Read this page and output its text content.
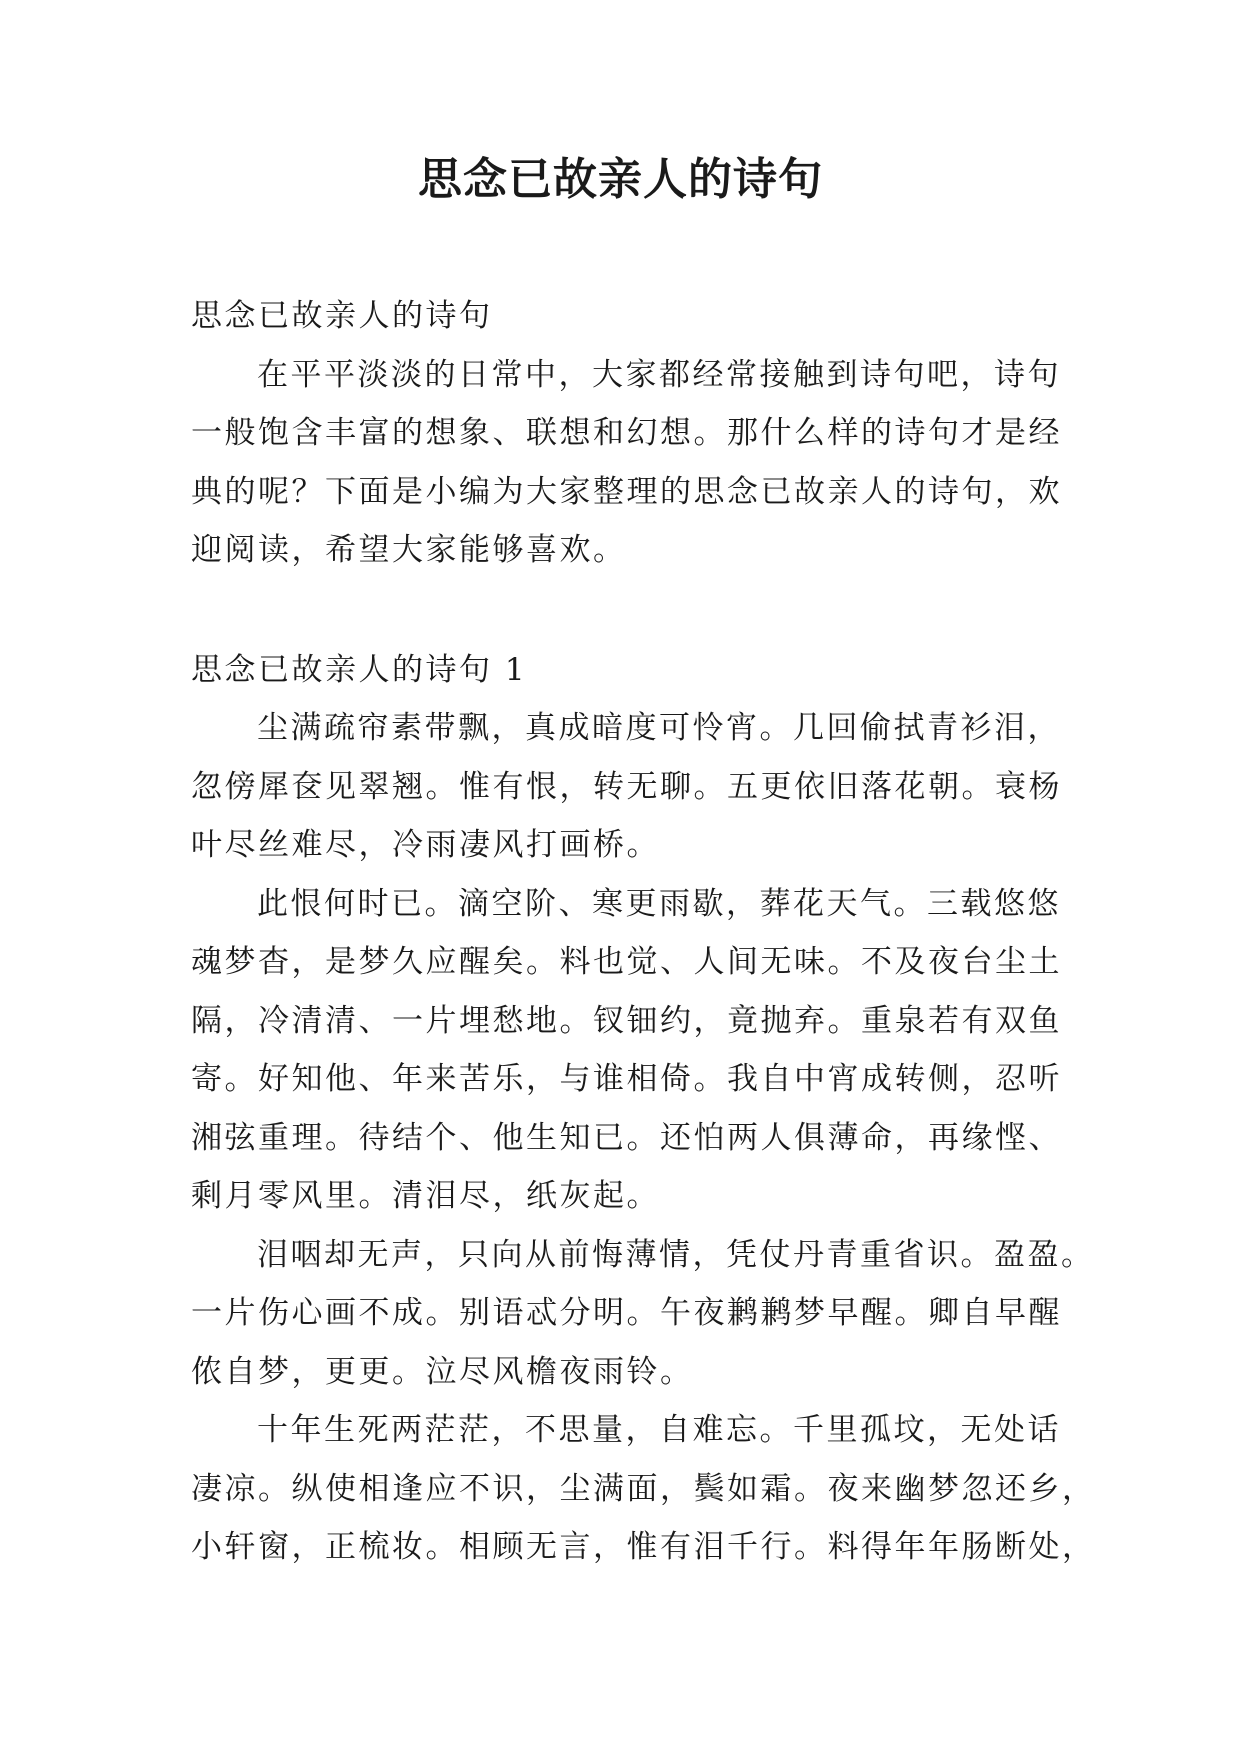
思念已故亲人的诗句
思念已故亲人的诗句
在平平淡淡的日常中，大家都经常接触到诗句吧，诗句
一般饱含丰富的想象、联想和幻想。那什么样的诗句才是经
典的呢？下面是小编为大家整理的思念已故亲人的诗句，欢
迎阅读，希望大家能够喜欢。
思念已故亲人的诗句 1
尘满疏帘素带飘，真成暗度可怜宵。几回偷拭青衫泪，
忽傍犀奁见翠翘。惟有恨，转无聊。五更依旧落花朝。衰杨
叶尽丝难尽，冷雨凄风打画桥。
此恨何时已。滴空阶、寒更雨歇，葬花天气。三载悠悠
魂梦杳，是梦久应醒矣。料也觉、人间无味。不及夜台尘土
隔，冷清清、一片埋愁地。钗钿约，竟抛弃。重泉若有双鱼
寄。好知他、年来苦乐，与谁相倚。我自中宵成转侧，忍听
湘弦重理。待结个、他生知已。还怕两人俱薄命，再缘悭、
剩月零风里。清泪尽，纸灰起。
泪咽却无声，只向从前悔薄情，凭仗丹青重省识。盈盈。
一片伤心画不成。别语忒分明。午夜鹣鹣梦早醒。卿自早醒
侬自梦，更更。泣尽风檐夜雨铃。
十年生死两茫茫，不思量，自难忘。千里孤坟，无处话
凄凉。纵使相逢应不识，尘满面，鬓如霜。夜来幽梦忽还乡，
小轩窗，正梳妆。相顾无言，惟有泪千行。料得年年肠断处，
